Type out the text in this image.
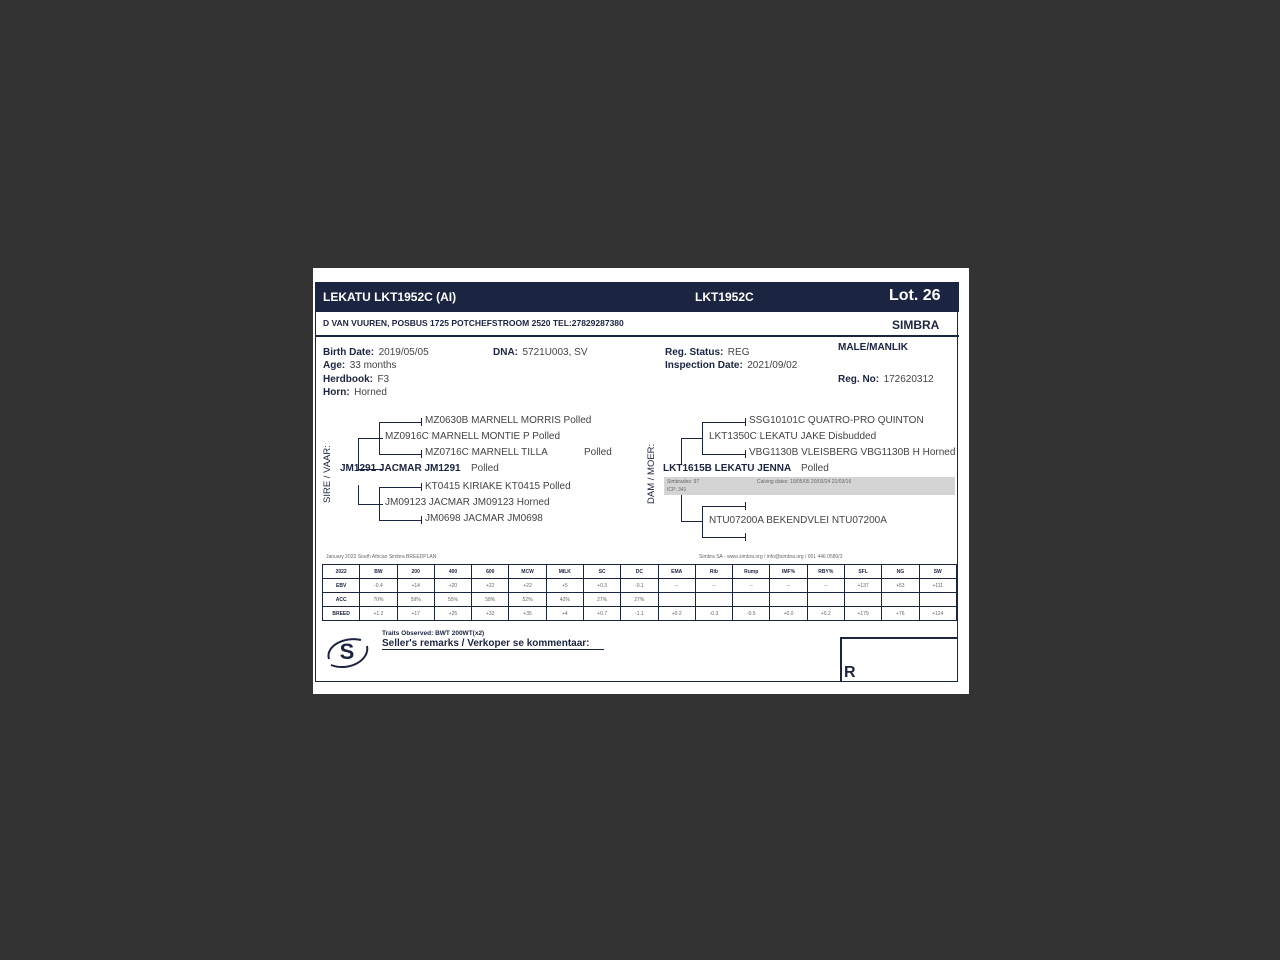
LEKATU LKT1952C (AI)	LKT1952C	Lot. 26
D VAN VUUREN, POSBUS 1725 POTCHEFSTROOM 2520 TEL:27829287380	SIMBRA
Birth Date: 2019/05/05
Age: 33 months
Herdbook: F3
Horn: Horned
DNA: 5721U003, SV	Reg. Status: REG
Inspection Date: 2021/09/02
MALE/MANLIK
Reg. No: 172620312
SIRE / VAAR:
MZ0630B MARNELL MORRIS Polled
MZ0916C MARNELL MONTIE P Polled
MZ0716C MARNELL TILLA	Polled
JM1291 JACMAR JM1291 Polled
KT0415 KIRIAKE KT0415 Polled
JM09123 JACMAR JM09123 Horned
JM0698 JACMAR JM0698
DAM / MOER:
SSG10101C QUATRO-PRO QUINTON
LKT1350C LEKATU JAKE Disbudded
VBG1130B VLEISBERG VBG1130B H Horned
LKT1615B LEKATU JENNA Polled
Simbrades: 97
ICP: 341
Calving dates: 19/05/05 20/03/24 21/03/16
NTU07200A BEKENDVLEI NTU07200A
January 2022 South African Simbra BREEDPLAN	Simbra SA - www.simbra.org / info@simbra.org / 051 446 0580/2
2022	BW	200	400	600	MCW	MILK	SC	DC	EMA	Rib	Rump	IMF%	RBY%	SFL	NG	SW
EBV	-0.4	+14	+20	+22	+22	+5	+0.3	-0.1	--	--	--	--	--	+137	+53	+111
ACC	70%	59%	55%	58%	52%	42%	27%	27%								
BREED	+1.2	+17	+25	+32	+35	+4	+0.7	-1.1	+0.2	-0.3	-0.5	+0.0	+0.2	+179	+76	+124
S
Traits Observed: BWT 200WT(x2)
Seller's remarks / Verkoper se kommentaar:
R
